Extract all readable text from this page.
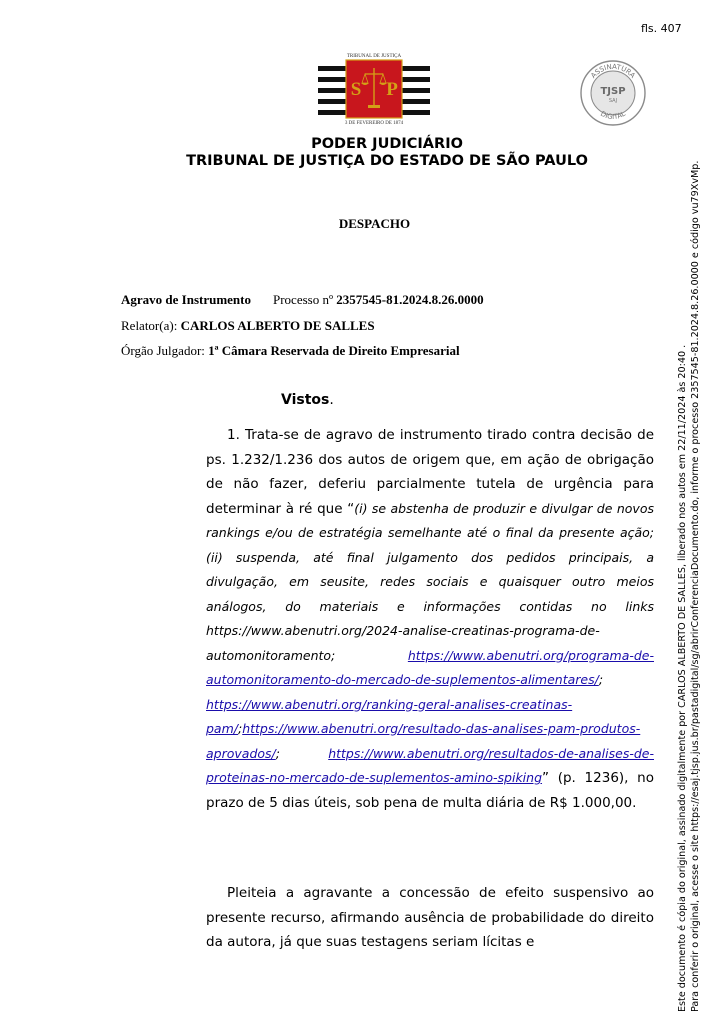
fls. 407
TRIBUNAL DE JUSTIÇA
S P
3 DE FEVEREIRO DE 1874
ASSINATURA
DIGITAL
TJSP
SAJ
PODER JUDICIÁRIO
TRIBUNAL DE JUSTIÇA DO ESTADO DE SÃO PAULO
DESPACHO
Agravo de Instrumento Processo nº 2357545-81.2024.8.26.0000
Relator(a): CARLOS ALBERTO DE SALLES
Órgão Julgador: 1ª Câmara Reservada de Direito Empresarial
Vistos.
1. Trata-se de agravo de instrumento tirado contra decisão de ps. 1.232/1.236 dos autos de origem que, em ação de obrigação de não fazer, deferiu parcialmente tutela de urgência para determinar à ré que “(i) se abstenha de produzir e divulgar de novos rankings e/ou de estratégia semelhante até o final da presente ação; (ii) suspenda, até final julgamento dos pedidos principais, a divulgação, em seusite, redes sociais e quaisquer outro meios análogos, do materiais e informações contidas no links https://www.abenutri.org/2024-analise-creatinas-programa-de-automonitoramento; https://www.abenutri.org/programa-de-automonitoramento-do-mercado-de-suplementos-alimentares/; https://www.abenutri.org/ranking-geral-analises-creatinas-pam/;https://www.abenutri.org/resultado-das-analises-pam-produtos-aprovados/; https://www.abenutri.org/resultados-de-analises-de-proteinas-no-mercado-de-suplementos-amino-spiking” (p. 1236), no prazo de 5 dias úteis, sob pena de multa diária de R$ 1.000,00.
Pleiteia a agravante a concessão de efeito suspensivo ao presente recurso, afirmando ausência de probabilidade do direito da autora, já que suas testagens seriam lícitas e	Este documento é cópia do original, assinado digitalmente por CARLOS ALBERTO DE SALLES, liberado nos autos em 22/11/2024 às 20:40 . Para conferir o original, acesse o site https://esaj.tjsp.jus.br/pastadigital/sg/abrirConferenciaDocumento.do, informe o processo 2357545-81.2024.8.26.0000 e código vu79XvMp.
